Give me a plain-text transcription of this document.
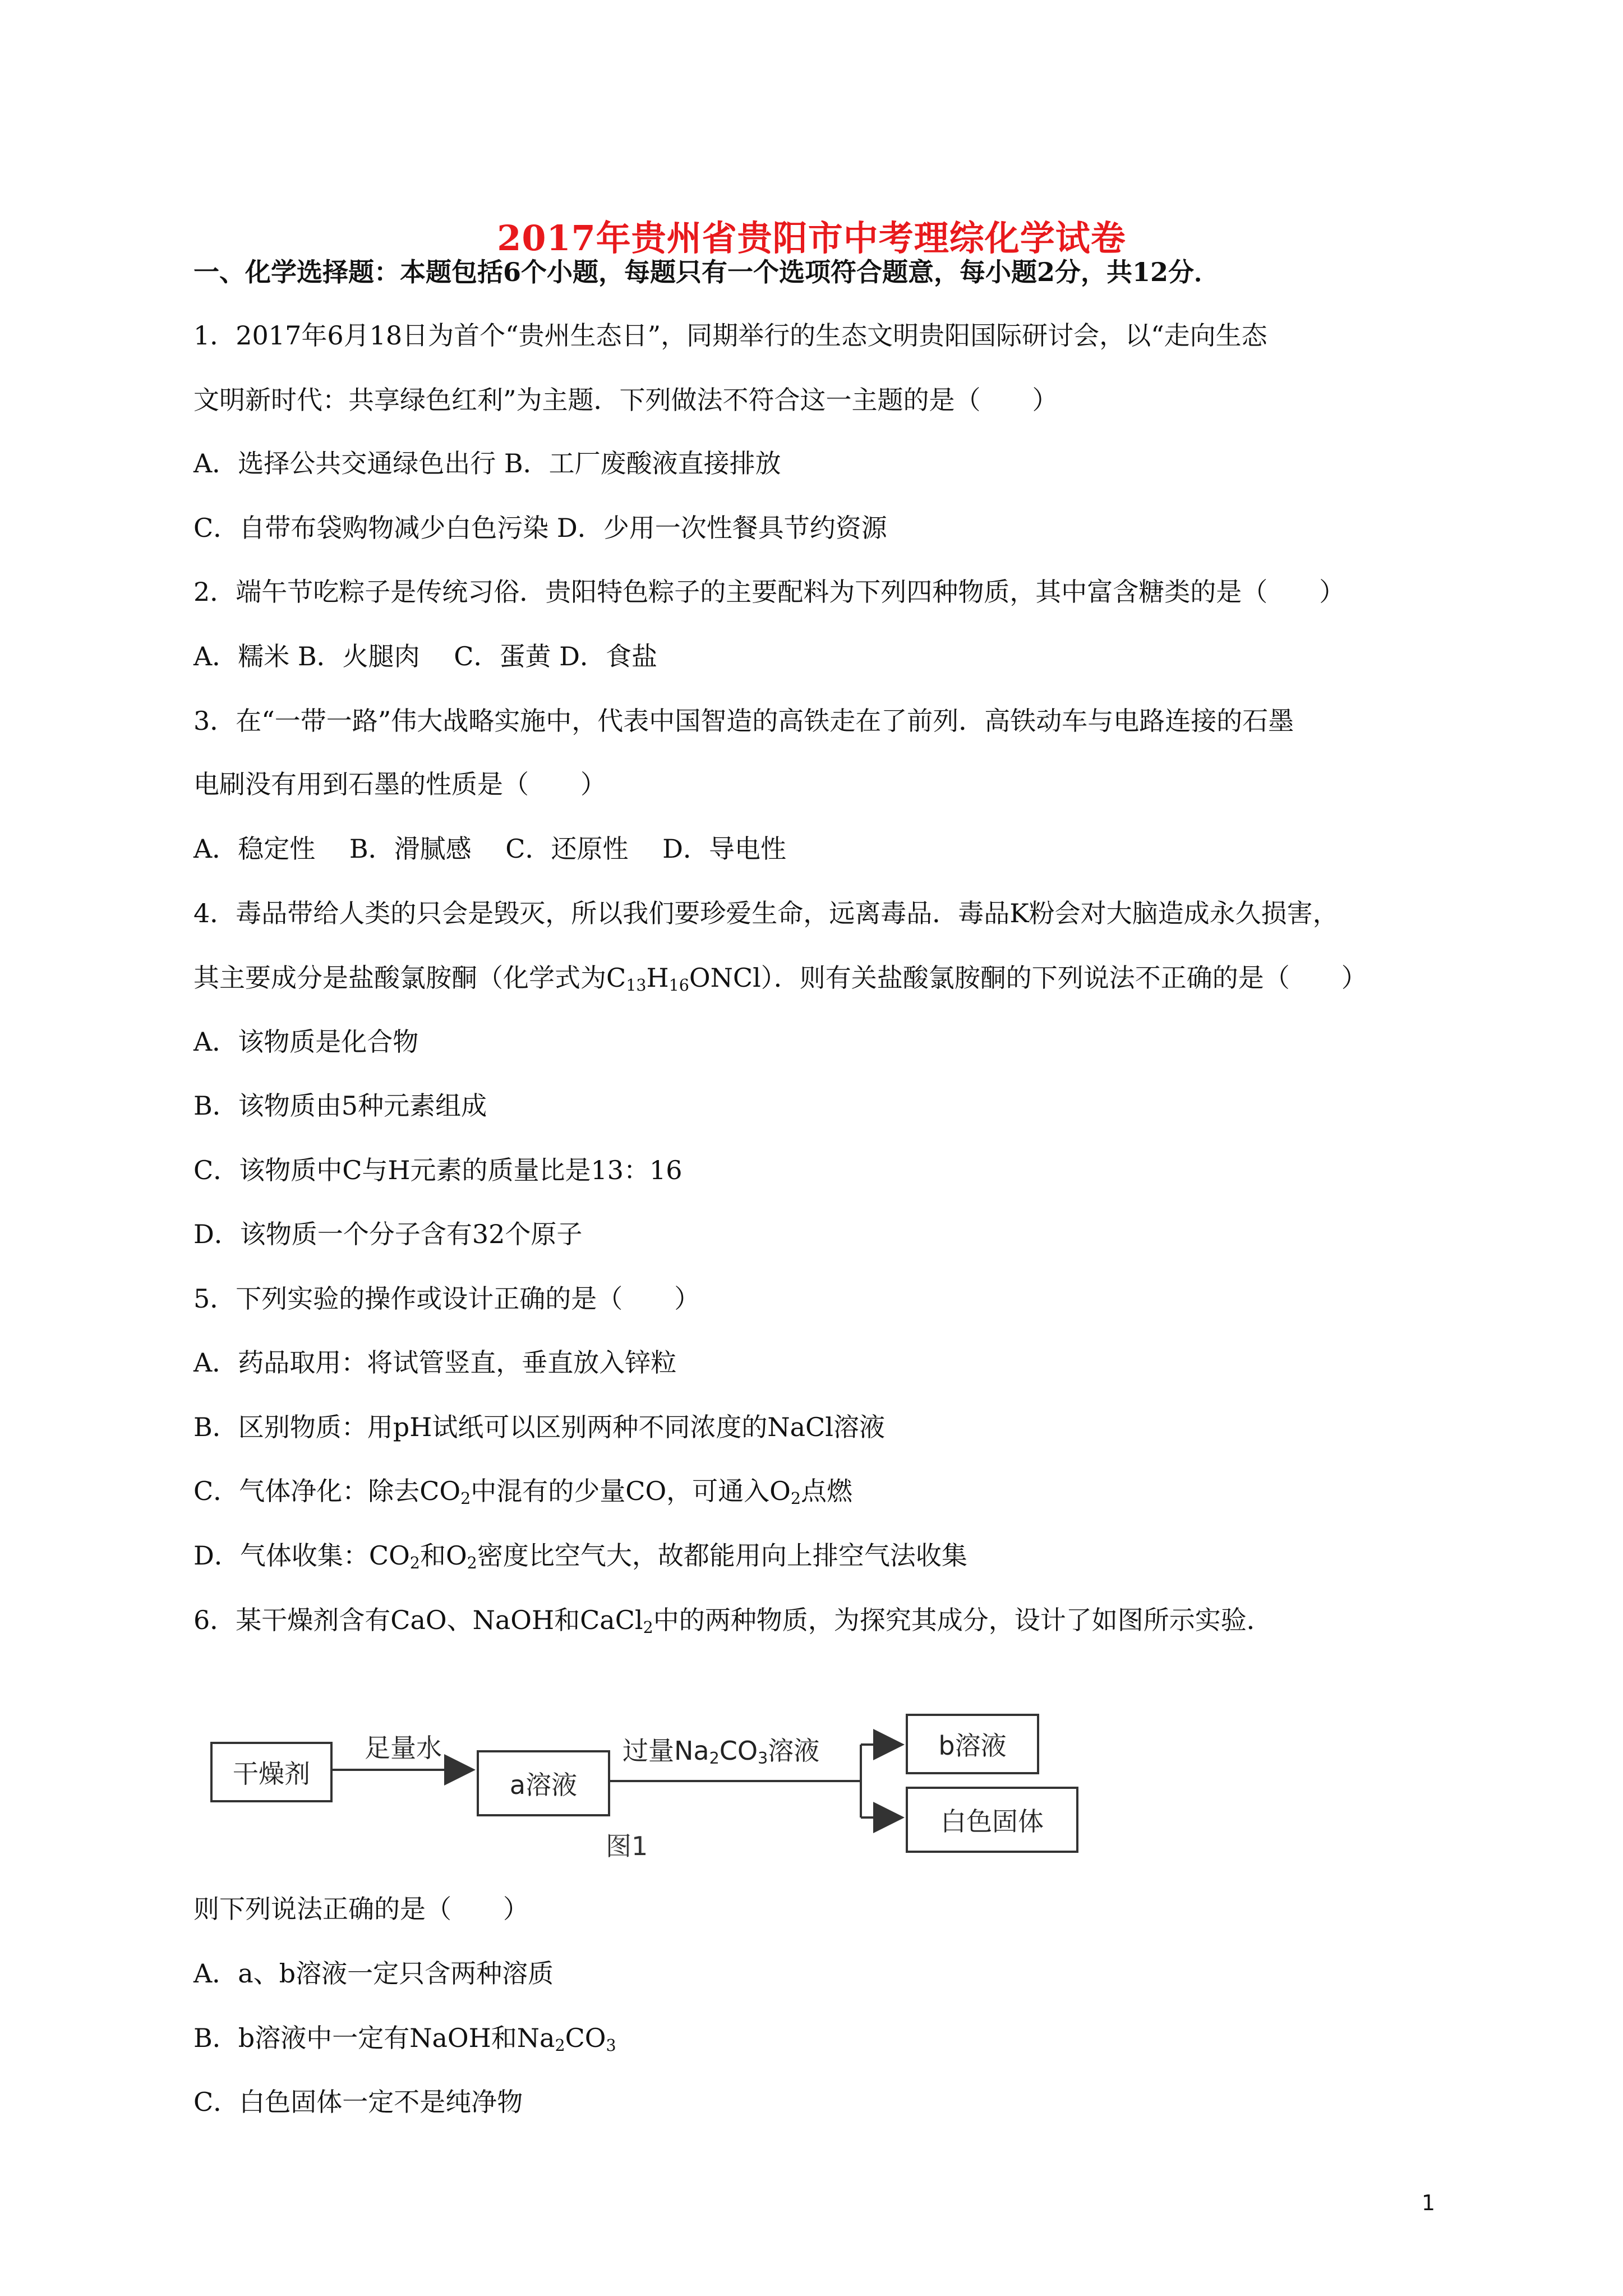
2017年贵州省贵阳市中考理综化学试卷
一、化学选择题：本题包括6个小题，每题只有一个选项符合题意，每小题2分，共12分．
1．2017年6月18日为首个“贵州生态日”，同期举行的生态文明贵阳国际研讨会，以“走向生态
文明新时代：共享绿色红利”为主题．下列做法不符合这一主题的是（　　）
A．选择公共交通绿色出行 B．工厂废酸液直接排放
C．自带布袋购物减少白色污染 D．少用一次性餐具节约资源
2．端午节吃粽子是传统习俗．贵阳特色粽子的主要配料为下列四种物质，其中富含糖类的是（　　）
A．糯米 B．火腿肉　 C．蛋黄 D．食盐
3．在“一带一路”伟大战略实施中，代表中国智造的高铁走在了前列．高铁动车与电路连接的石墨
电刷没有用到石墨的性质是（　　）
A．稳定性　 B．滑腻感　 C．还原性　 D．导电性
4．毒品带给人类的只会是毁灭，所以我们要珍爱生命，远离毒品．毒品K粉会对大脑造成永久损害，
其主要成分是盐酸氯胺酮（化学式为$C_{13}H_{16}ONCl$）．则有关盐酸氯胺酮的下列说法不正确的是（　　）
A．该物质是化合物
B．该物质由5种元素组成
C．该物质中C与H元素的质量比是13：16
D．该物质一个分子含有32个原子
5．下列实验的操作或设计正确的是（　　）
A．药品取用：将试管竖直，垂直放入锌粒
B．区别物质：用pH试纸可以区别两种不同浓度的NaCl溶液
C．气体净化：除去$CO_2$中混有的少量CO，可通入$O_2$点燃
D．气体收集：$CO_2$和$O_2$密度比空气大，故都能用向上排空气法收集
6．某干燥剂含有CaO、NaOH和CaCl$_2$中的两种物质，为探究其成分，设计了如图所示实验．
干燥剂
足量水
a溶液
过量$Na_2CO_3$溶液	b溶液
白色固体
图1
则下列说法正确的是（　　）
A．a、b溶液一定只含两种溶质
B．b溶液中一定有NaOH和$Na_2CO_3$
C．白色固体一定不是纯净物
1
